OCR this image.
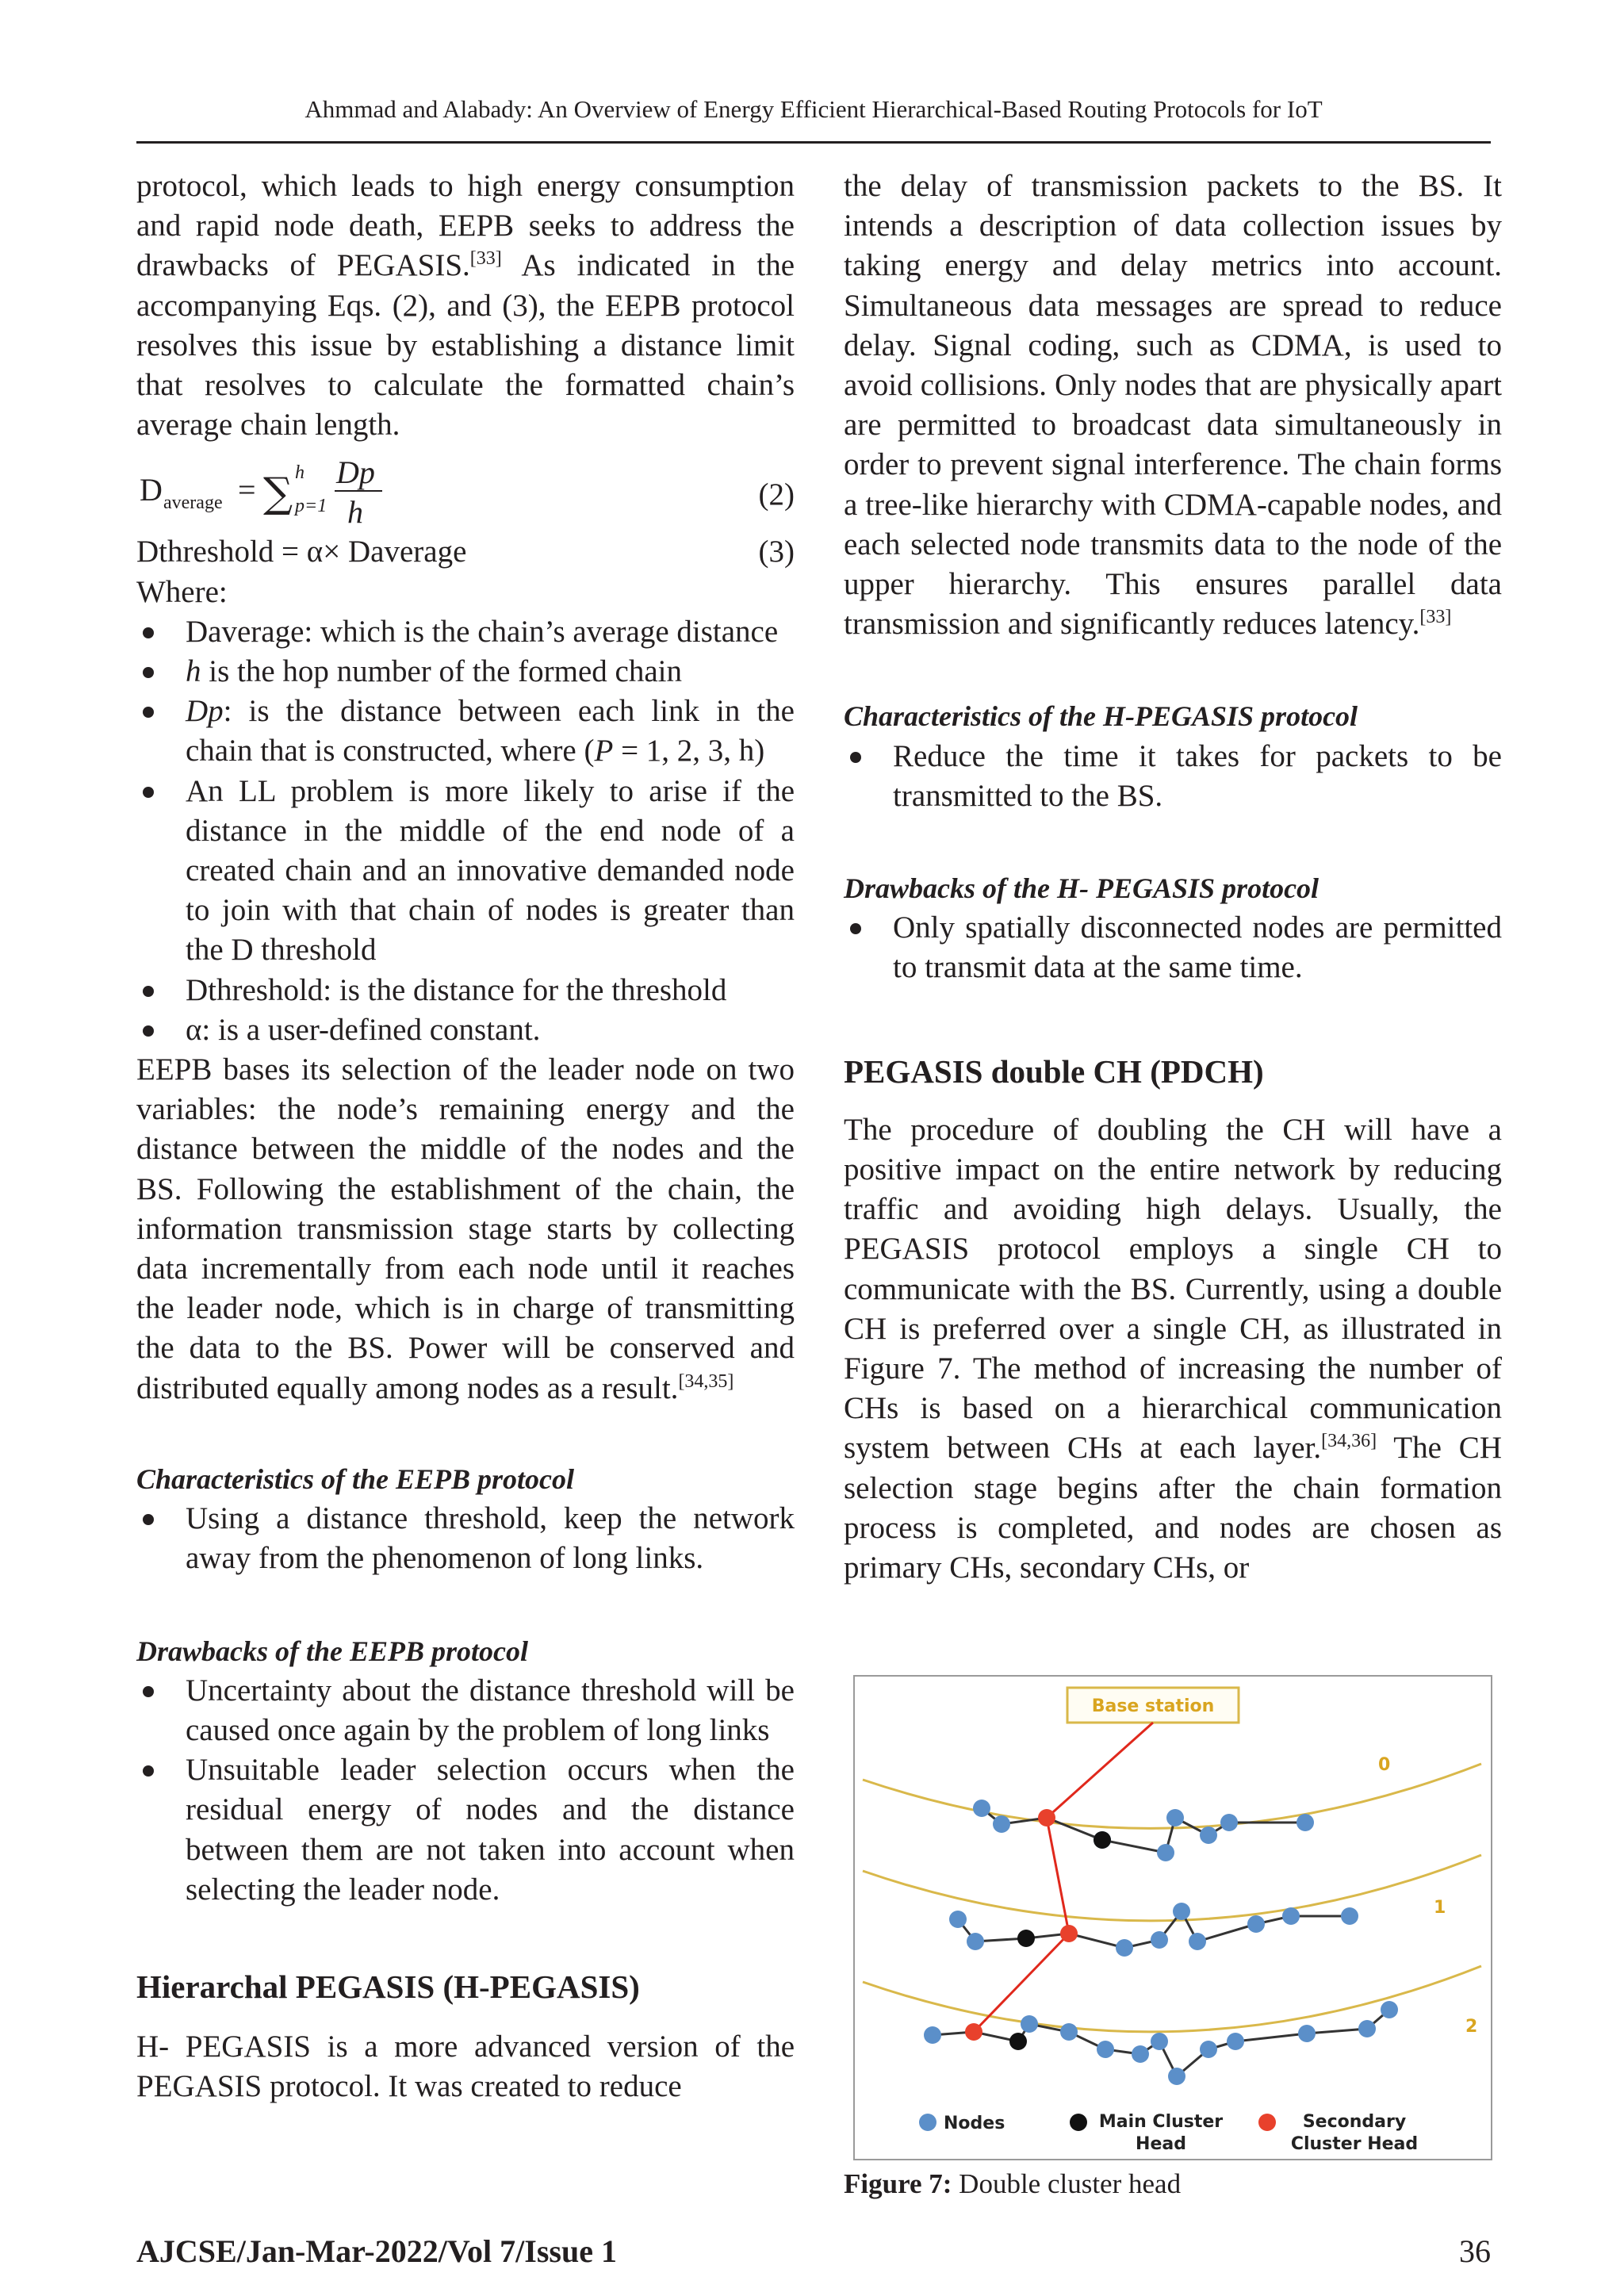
Ahmmad and Alabady: An Overview of Energy Efficient Hierarchical-Based Routing Protocols for IoT

protocol, which leads to high energy consumption and rapid node death, EEPB seeks to address the drawbacks of PEGASIS.[33] As indicated in the accompanying Eqs. (2), and (3), the EEPB protocol resolves this issue by establishing a distance limit that resolves to calculate the formatted chain’s average chain length.

D average = ∑ h
p=1
Dp
h	(2)
Dthreshold = α× Daverage	(3)
Where:
Daverage: which is the chain’s average distance
h is the hop number of the formed chain
Dp: is the distance between each link in the chain that is constructed, where (P = 1, 2, 3, h)
An LL problem is more likely to arise if the distance in the middle of the end node of a created chain and an innovative demanded node to join with that chain of nodes is greater than the D threshold
Dthreshold: is the distance for the threshold
α: is a user-defined constant.

EEPB bases its selection of the leader node on two variables: the node’s remaining energy and the distance between the middle of the nodes and the BS. Following the establishment of the chain, the information transmission stage starts by collecting data incrementally from each node until it reaches the leader node, which is in charge of transmitting the data to the BS. Power will be conserved and distributed equally among nodes as a result.[34,35]

Characteristics of the EEPB protocol
Using a distance threshold, keep the network away from the phenomenon of long links.
Drawbacks of the EEPB protocol
Uncertainty about the distance threshold will be caused once again by the problem of long links
Unsuitable leader selection occurs when the residual energy of nodes and the distance between them are not taken into account when selecting the leader node.
Hierarchal PEGASIS (H-PEGASIS)

H- PEGASIS is a more advanced version of the PEGASIS protocol. It was created to reduce

the delay of transmission packets to the BS. It intends a description of data collection issues by taking energy and delay metrics into account. Simultaneous data messages are spread to reduce delay. Signal coding, such as CDMA, is used to avoid collisions. Only nodes that are physically apart are permitted to broadcast data simultaneously in order to prevent signal interference. The chain forms a tree-like hierarchy with CDMA-capable nodes, and each selected node transmits data to the node of the upper hierarchy. This ensures parallel data transmission and significantly reduces latency.[33]

Characteristics of the H-PEGASIS protocol
Reduce the time it takes for packets to be transmitted to the BS.
Drawbacks of the H- PEGASIS protocol
Only spatially disconnected nodes are permitted to transmit data at the same time.
PEGASIS double CH (PDCH)

The procedure of doubling the CH will have a positive impact on the entire network by reducing traffic and avoiding high delays. Usually, the PEGASIS protocol employs a single CH to communicate with the BS. Currently, using a double CH is preferred over a single CH, as illustrated in Figure 7. The method of increasing the number of CHs is based on a hierarchical communication system between CHs at each layer.[34,36] The CH selection stage begins after the chain formation process is completed, and nodes are chosen as primary CHs, secondary CHs, or

Base station
0
1
2
Nodes	Main Cluster
Head
Secondary
Cluster Head
Figure 7: Double cluster head
AJCSE/Jan-Mar-2022/Vol 7/Issue 1	36
